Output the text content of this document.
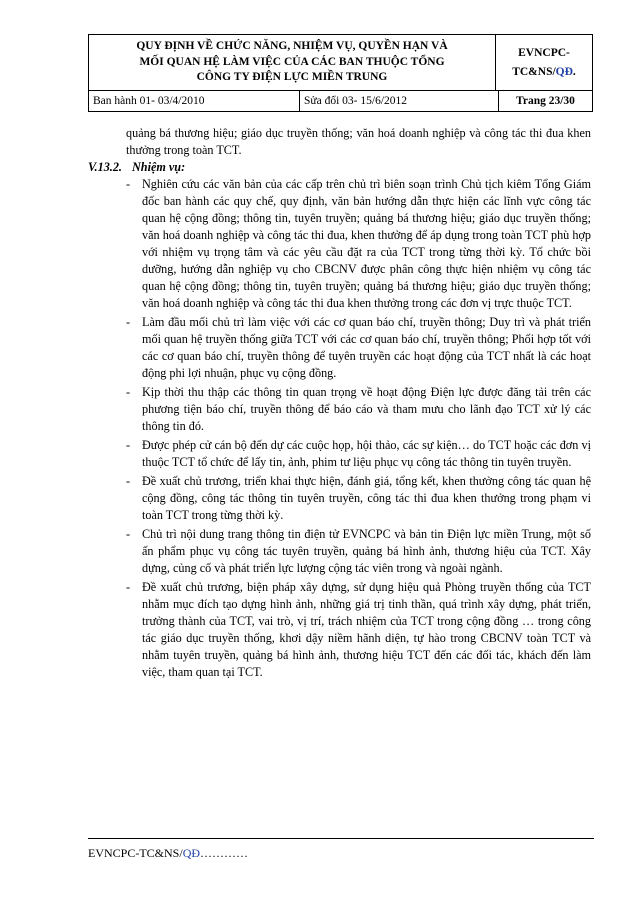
QUY ĐỊNH VỀ CHỨC NĂNG, NHIỆM VỤ, QUYỀN HẠN VÀ
MỐI QUAN HỆ LÀM VIỆC CỦA CÁC BAN THUỘC TỔNG
CÔNG TY ĐIỆN LỰC MIỀN TRUNG

EVNCPC-
TC&NS/QĐ.
Ban hành 01- 03/4/2010	Sửa đổi 03- 15/6/2012	Trang 23/30

quảng bá thương hiệu; giáo dục truyền thống; văn hoá doanh nghiệp và công tác thi đua khen thưởng trong toàn TCT.

V.13.2. Nhiệm vụ:

- Nghiên cứu các văn bản của các cấp trên chủ trì biên soạn trình Chủ tịch kiêm Tổng Giám đốc ban hành các quy chế, quy định, văn bản hướng dẫn thực hiện các lĩnh vực công tác quan hệ cộng đồng; thông tin, tuyên truyền; quảng bá thương hiệu; giáo dục truyền thống; văn hoá doanh nghiệp và công tác thi đua, khen thưởng để áp dụng trong toàn TCT phù hợp với nhiệm vụ trọng tâm và các yêu cầu đặt ra của TCT trong từng thời kỳ. Tổ chức bồi dưỡng, hướng dẫn nghiệp vụ cho CBCNV được phân công thực hiện nhiệm vụ công tác quan hệ cộng đồng; thông tin, tuyên truyền; quảng bá thương hiệu; giáo dục truyền thống; văn hoá doanh nghiệp và công tác thi đua khen thưởng trong các đơn vị trực thuộc TCT.
- Làm đầu mối chủ trì làm việc với các cơ quan báo chí, truyền thông; Duy trì và phát triển mối quan hệ truyền thống giữa TCT với các cơ quan báo chí, truyền thông; Phối hợp tốt với các cơ quan báo chí, truyền thông để tuyên truyền các hoạt động của TCT nhất là các hoạt động phi lợi nhuận, phục vụ cộng đồng.
- Kịp thời thu thập các thông tin quan trọng về hoạt động Điện lực được đăng tải trên các phương tiện báo chí, truyền thông để báo cáo và tham mưu cho lãnh đạo TCT xử lý các thông tin đó.
- Được phép cử cán bộ đến dự các cuộc họp, hội thảo, các sự kiện… do TCT hoặc các đơn vị thuộc TCT tổ chức để lấy tin, ảnh, phim tư liệu phục vụ công tác thông tin tuyên truyền.
- Đề xuất chủ trương, triển khai thực hiện, đánh giá, tổng kết, khen thưởng công tác quan hệ cộng đồng, công tác thông tin tuyên truyền, công tác thi đua khen thưởng trong phạm vi toàn TCT trong từng thời kỳ.
- Chủ trì nội dung trang thông tin điện tử EVNCPC và bản tin Điện lực miền Trung, một số ấn phẩm phục vụ công tác tuyên truyền, quảng bá hình ảnh, thương hiệu của TCT. Xây dựng, củng cố và phát triển lực lượng cộng tác viên trong và ngoài ngành.
- Đề xuất chủ trương, biện pháp xây dựng, sử dụng hiệu quả Phòng truyền thống của TCT nhằm mục đích tạo dựng hình ảnh, những giá trị tinh thần, quá trình xây dựng, phát triển, trưởng thành của TCT, vai trò, vị trí, trách nhiệm của TCT trong cộng đồng … trong công tác giáo dục truyền thống, khơi dậy niềm hãnh diện, tự hào trong CBCNV toàn TCT và nhằm tuyên truyền, quảng bá hình ảnh, thương hiệu TCT đến các đối tác, khách đến làm việc, tham quan tại TCT.
EVNCPC-TC&NS/QĐ…………
